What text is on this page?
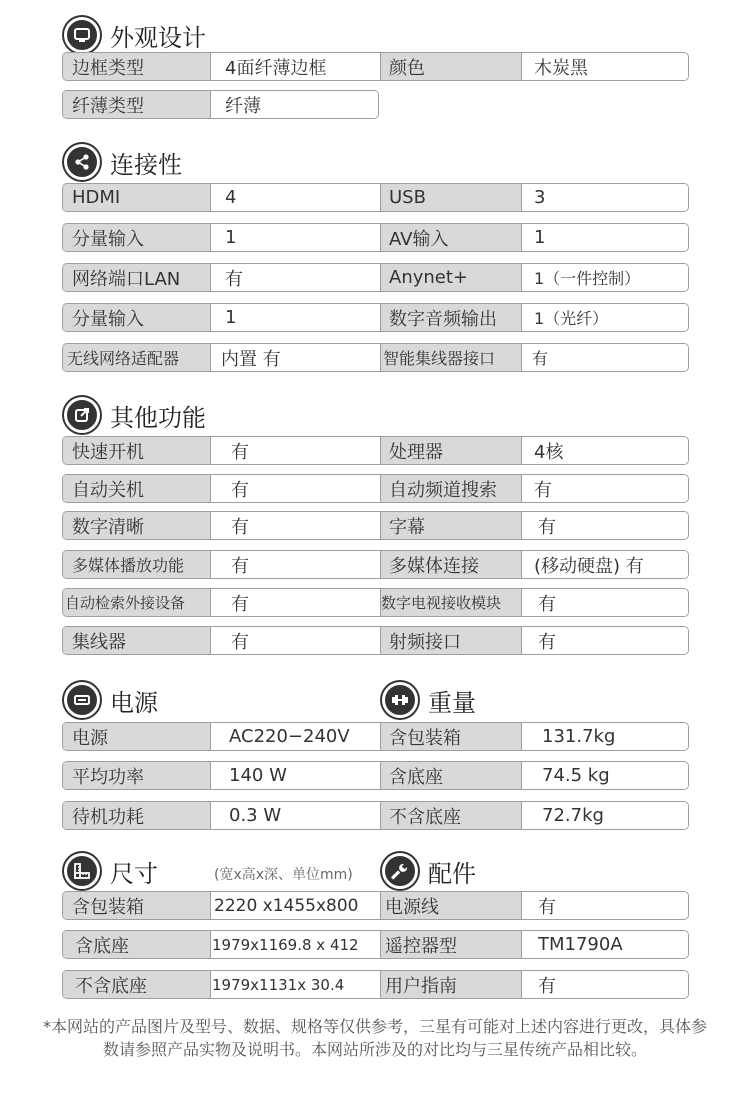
外观设计
边框类型	4面纤薄边框	颜色	木炭黑
纤薄类型	纤薄
连接性
HDMI	4	USB	3
分量输入	1	AV输入	1
网络端口LAN	有	Anynet+	1（一件控制）
分量输入	1	数字音频输出	1（光纤）
无线网络适配器	内置 有	智能集线器接口	有
其他功能
快速开机	有	处理器	4核
自动关机	有	自动频道搜索	有
数字清晰	有	字幕	有
多媒体播放功能	有	多媒体连接	(移动硬盘) 有
自动检索外接设备	有	数字电视接收模块	有
集线器	有	射频接口	有
电源	重量
电源	AC220−240V	含包装箱	131.7kg
平均功率	140 W	含底座	74.5 kg
待机功耗	0.3 W	不含底座	72.7kg
尺寸	(宽x高x深、单位mm)	配件
含包装箱	2220 x1455x800	电源线	有
含底座	1979x1169.8 x 412	遥控器型	TM1790A
不含底座	1979x1131x 30.4	用户指南	有
*本网站的产品图片及型号、数据、规格等仅供参考，三星有可能对上述内容进行更改，具体参数请参照产品实物及说明书。本网站所涉及的对比均与三星传统产品相比较。
